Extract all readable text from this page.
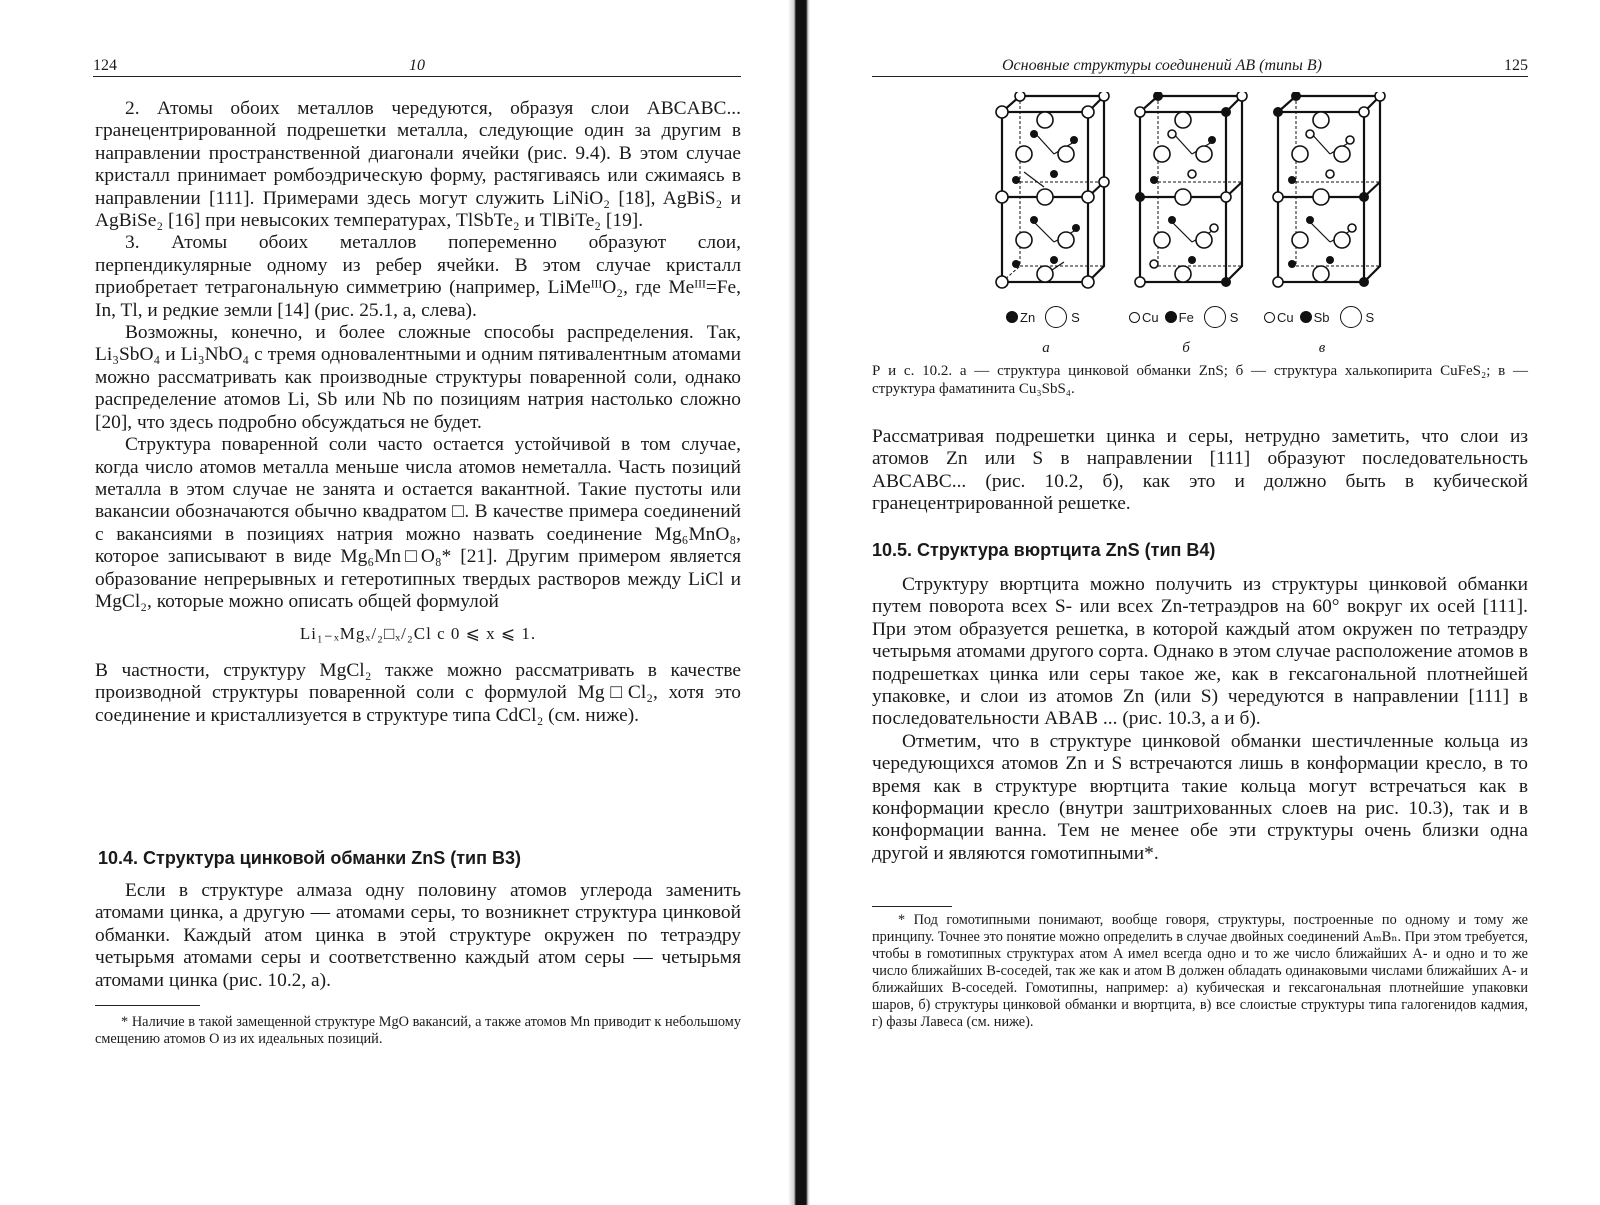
124	10

2. Атомы обоих металлов чередуются, образуя слои ABCABC... гранецентрированной подрешетки металла, следующие один за другим в направлении пространственной диагонали ячейки (рис. 9.4). В этом случае кристалл принимает ромбоэдрическую форму, растягиваясь или сжимаясь в направлении [111]. Примерами здесь могут служить LiNiO₂ [18], AgBiS₂ и AgBiSe₂ [16] при невысоких температурах, TlSbTe₂ и TlBiTe₂ [19].

3. Атомы обоих металлов попеременно образуют слои, перпендикулярные одному из ребер ячейки. В этом случае кристалл приобретает тетрагональную симметрию (например, LiMeᴵᴵᴵO₂, где Meᴵᴵᴵ=Fe, In, Tl, и редкие земли [14] (рис. 25.1, а, слева).

Возможны, конечно, и более сложные способы распределения. Так, Li₃SbO₄ и Li₃NbO₄ с тремя одновалентными и одним пятивалентным атомами можно рассматривать как производные структуры поваренной соли, однако распределение атомов Li, Sb или Nb по позициям натрия настолько сложно [20], что здесь подробно обсуждаться не будет.

Структура поваренной соли часто остается устойчивой в том случае, когда число атомов металла меньше числа атомов неметалла. Часть позиций металла в этом случае не занята и остается вакантной. Такие пустоты или вакансии обозначаются обычно квадратом □. В качестве примера соединений с вакансиями в позициях натрия можно назвать соединение Mg₆MnO₈, которое записывают в виде Mg₆Mn□O₈* [21]. Другим примером является образование непрерывных и гетеротипных твердых растворов между LiCl и MgCl₂, которые можно описать общей формулой

Li₁₋ₓMgₓ/₂□ₓ/₂Cl с 0 ⩽ x ⩽ 1.

В частности, структуру MgCl₂ также можно рассматривать в качестве производной структуры поваренной соли с формулой Mg□Cl₂, хотя это соединение и кристаллизуется в структуре типа CdCl₂ (см. ниже).

10.4. Структура цинковой обманки ZnS (тип B3)

Если в структуре алмаза одну половину атомов углерода заменить атомами цинка, а другую — атомами серы, то возникнет структура цинковой обманки. Каждый атом цинка в этой структуре окружен по тетраэдру четырьмя атомами серы и соответственно каждый атом серы — четырьмя атомами цинка (рис. 10.2, а).

* Наличие в такой замещенной структуре MgO вакансий, а также атомов Mn приводит к небольшому смещению атомов O из их идеальных позиций.

Основные структуры соединений AB (типы B)	125
Zn	S	Cu Fe	S	Cu Sb	S
а	б	в

Р и с. 10.2. а — структура цинковой обманки ZnS; б — структура халькопирита CuFeS₂; в — структура фаматинита Cu₃SbS₄.

Рассматривая подрешетки цинка и серы, нетрудно заметить, что слои из атомов Zn или S в направлении [111] образуют последовательность ABCABC... (рис. 10.2, б), как это и должно быть в кубической гранецентрированной решетке.

10.5. Структура вюртцита ZnS (тип B4)

Структуру вюртцита можно получить из структуры цинковой обманки путем поворота всех S- или всех Zn-тетраэдров на 60° вокруг их осей [111]. При этом образуется решетка, в которой каждый атом окружен по тетраэдру четырьмя атомами другого сорта. Однако в этом случае расположение атомов в подрешетках цинка или серы такое же, как в гексагональной плотнейшей упаковке, и слои из атомов Zn (или S) чередуются в направлении [111] в последовательности ABAB ... (рис. 10.3, а и б).

Отметим, что в структуре цинковой обманки шестичленные кольца из чередующихся атомов Zn и S встречаются лишь в конформации кресло, в то время как в структуре вюртцита такие кольца могут встречаться как в конформации кресло (внутри заштрихованных слоев на рис. 10.3), так и в конформации ванна. Тем не менее обе эти структуры очень близки одна другой и являются гомотипными*.

* Под гомотипными понимают, вообще говоря, структуры, построенные по одному и тому же принципу. Точнее это понятие можно определить в случае двойных соединений AₘBₙ. При этом требуется, чтобы в гомотипных структурах атом A имел всегда одно и то же число ближайших A- и одно и то же число ближайших B-соседей, так же как и атом B должен обладать одинаковыми числами ближайших A- и ближайших B-соседей. Гомотипны, например: а) кубическая и гексагональная плотнейшие упаковки шаров, б) структуры цинковой обманки и вюртцита, в) все слоистые структуры типа галогенидов кадмия, г) фазы Лавеса (см. ниже).
